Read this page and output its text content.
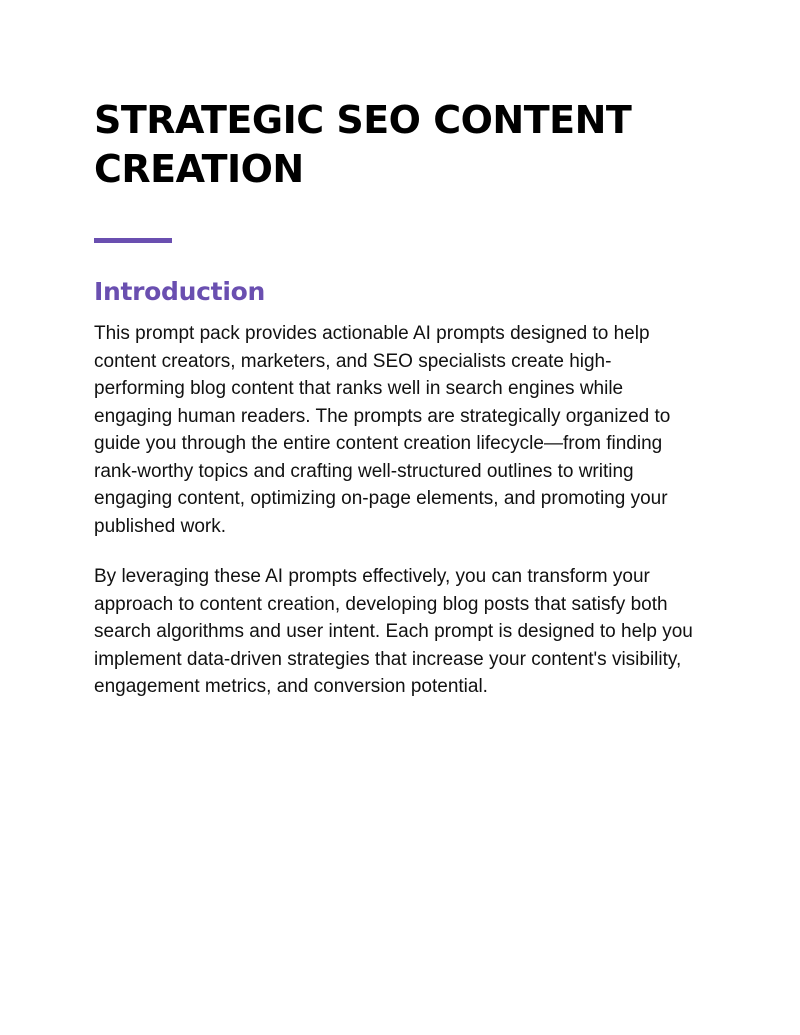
STRATEGIC SEO CONTENT CREATION
Introduction

This prompt pack provides actionable AI prompts designed to help content creators, marketers, and SEO specialists create high-performing blog content that ranks well in search engines while engaging human readers. The prompts are strategically organized to guide you through the entire content creation lifecycle—from finding rank-worthy topics and crafting well-structured outlines to writing engaging content, optimizing on-page elements, and promoting your published work.

By leveraging these AI prompts effectively, you can transform your approach to content creation, developing blog posts that satisfy both search algorithms and user intent. Each prompt is designed to help you implement data-driven strategies that increase your content's visibility, engagement metrics, and conversion potential.
